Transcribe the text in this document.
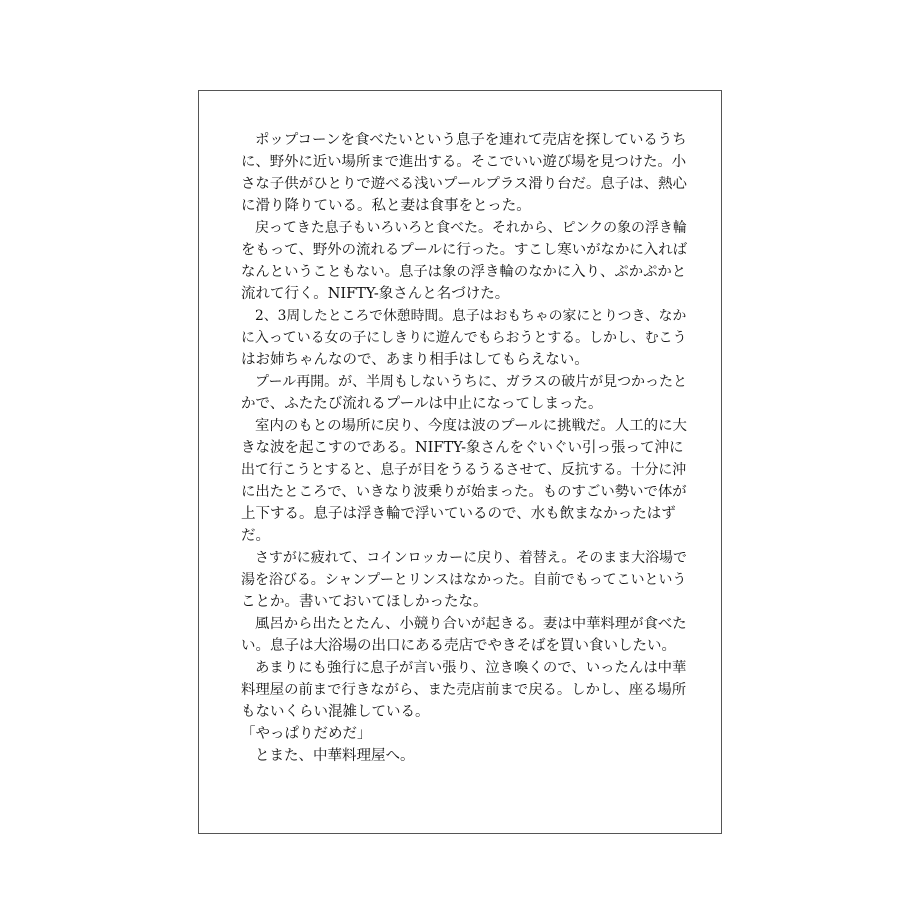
ポップコーンを食べたいという息子を連れて売店を探しているうち
に、野外に近い場所まで進出する。そこでいい遊び場を見つけた。小
さな子供がひとりで遊べる浅いプールプラス滑り台だ。息子は、熱心
に滑り降りている。私と妻は食事をとった。
戻ってきた息子もいろいろと食べた。それから、ピンクの象の浮き輪
をもって、野外の流れるプールに行った。すこし寒いがなかに入れば
なんということもない。息子は象の浮き輪のなかに入り、ぷかぷかと
流れて行く。NIFTY-象さんと名づけた。
2、3周したところで休憩時間。息子はおもちゃの家にとりつき、なか
に入っている女の子にしきりに遊んでもらおうとする。しかし、むこう
はお姉ちゃんなので、あまり相手はしてもらえない。
プール再開。が、半周もしないうちに、ガラスの破片が見つかったと
かで、ふたたび流れるプールは中止になってしまった。
室内のもとの場所に戻り、今度は波のプールに挑戦だ。人工的に大
きな波を起こすのである。NIFTY-象さんをぐいぐい引っ張って沖に
出て行こうとすると、息子が目をうるうるさせて、反抗する。十分に沖
に出たところで、いきなり波乗りが始まった。ものすごい勢いで体が
上下する。息子は浮き輪で浮いているので、水も飲まなかったはず
だ。
さすがに疲れて、コインロッカーに戻り、着替え。そのまま大浴場で
湯を浴びる。シャンプーとリンスはなかった。自前でもってこいという
ことか。書いておいてほしかったな。
風呂から出たとたん、小競り合いが起きる。妻は中華料理が食べた
い。息子は大浴場の出口にある売店でやきそばを買い食いしたい。
あまりにも強行に息子が言い張り、泣き喚くので、いったんは中華
料理屋の前まで行きながら、また売店前まで戻る。しかし、座る場所
もないくらい混雑している。
「やっぱりだめだ」
とまた、中華料理屋へ。
